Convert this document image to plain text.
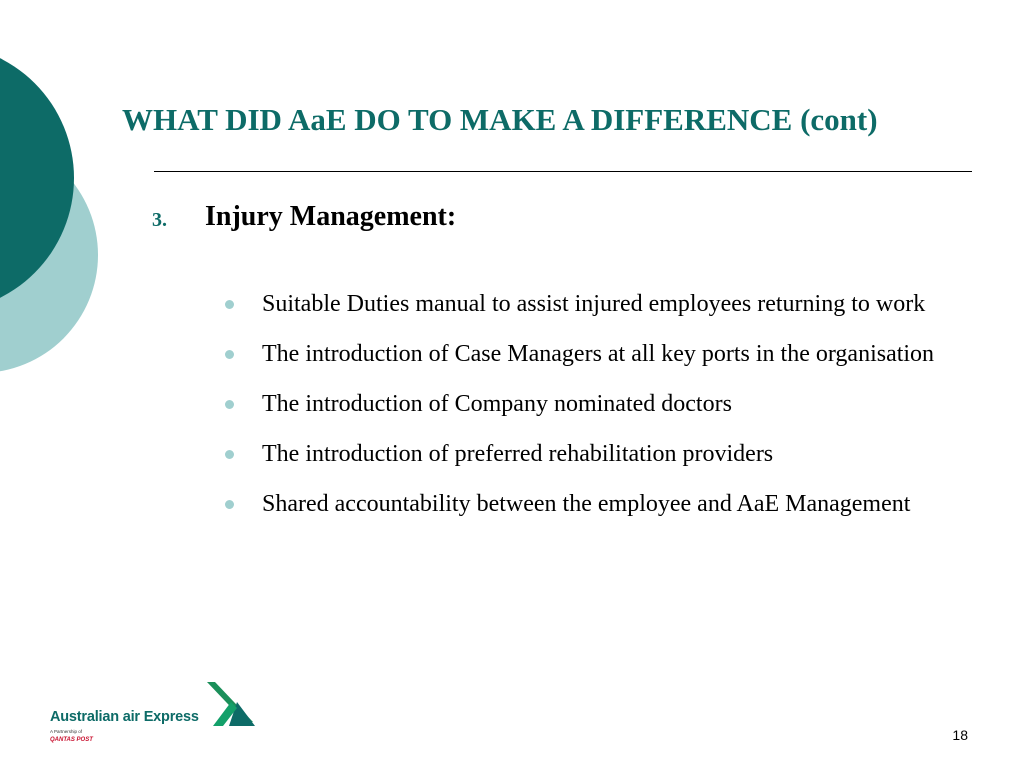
WHAT DID AaE DO TO MAKE A DIFFERENCE (cont)
3. Injury Management:
Suitable Duties manual to assist injured employees returning to work
The introduction of Case Managers at all key ports in the organisation
The introduction of Company nominated doctors
The introduction of preferred rehabilitation providers
Shared accountability between the employee and AaE Management
Australian air Express
A Partnership of
QANTAS POST	18
